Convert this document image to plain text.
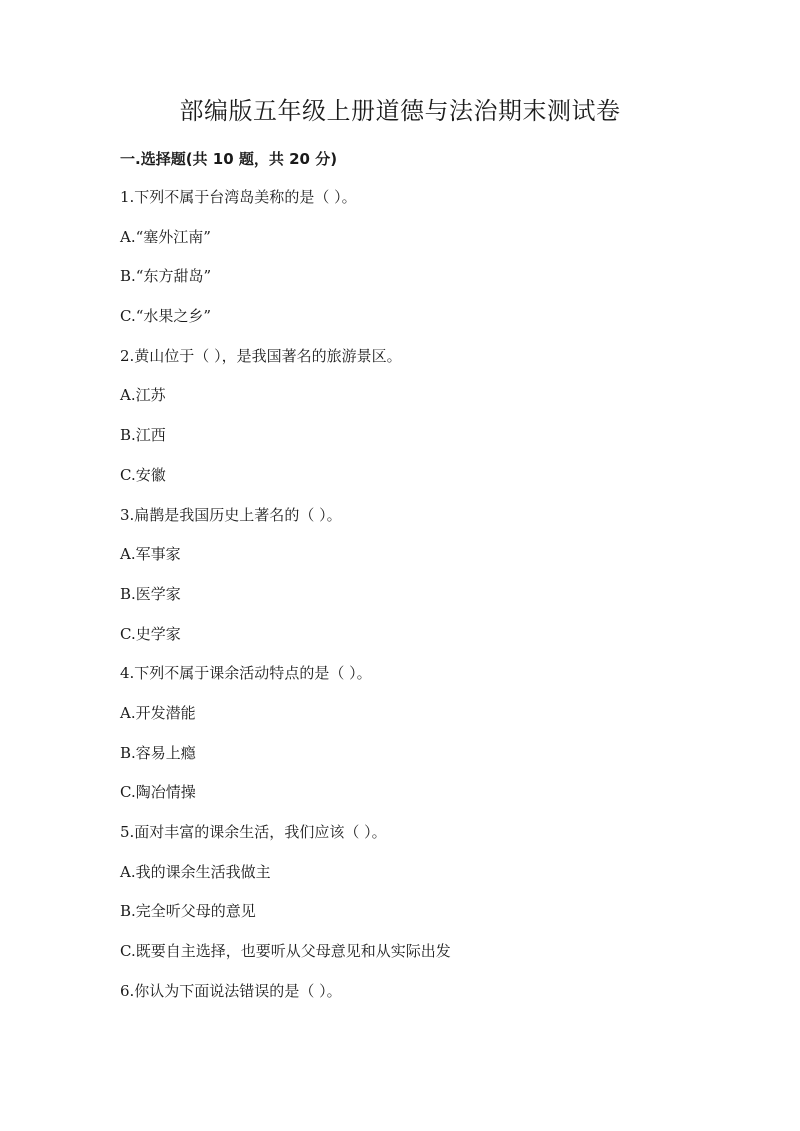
部编版五年级上册道德与法治期末测试卷
一.选择题(共 10 题，共 20 分)
1.下列不属于台湾岛美称的是（ ）。
A.“塞外江南”
B.“东方甜岛”
C.“水果之乡”
2.黄山位于（ ），是我国著名的旅游景区。
A.江苏
B.江西
C.安徽
3.扁鹊是我国历史上著名的（ ）。
A.军事家
B.医学家
C.史学家
4.下列不属于课余活动特点的是（ ）。
A.开发潜能
B.容易上瘾
C.陶冶情操
5.面对丰富的课余生活，我们应该（ ）。
A.我的课余生活我做主
B.完全听父母的意见
C.既要自主选择，也要听从父母意见和从实际出发
6.你认为下面说法错误的是（ ）。
